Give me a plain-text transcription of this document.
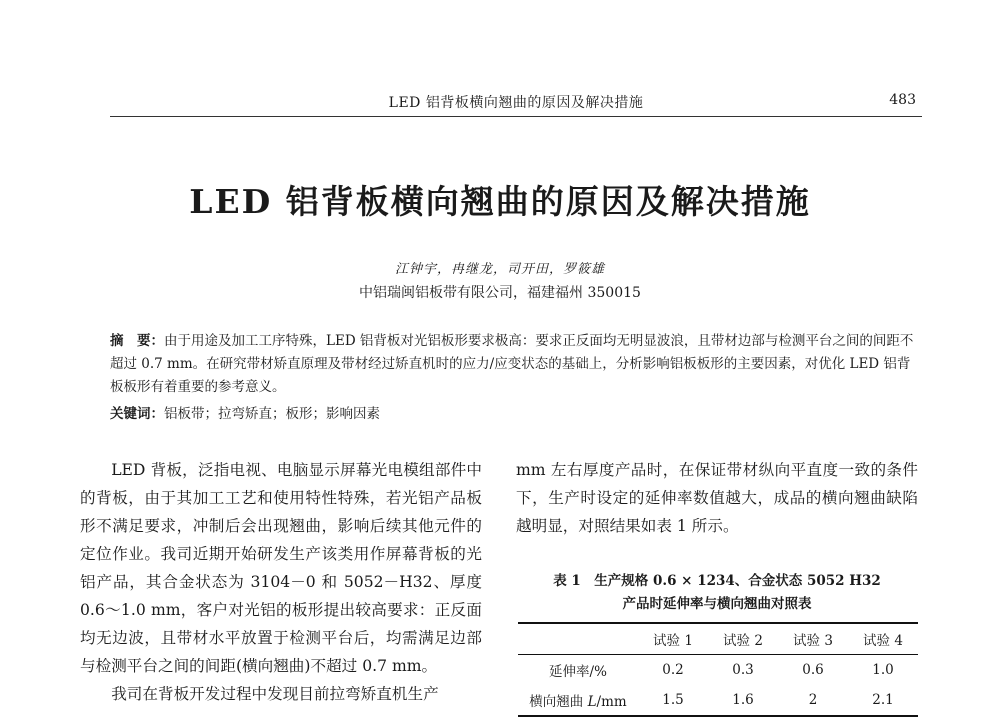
LED 铝背板横向翘曲的原因及解决措施	483
LED 铝背板横向翘曲的原因及解决措施
江钟宇，冉继龙，司开田，罗筱雄
中铝瑞闽铝板带有限公司，福建福州 350015
摘　要：由于用途及加工工序特殊，LED 铝背板对光铝板形要求极高：要求正反面均无明显波浪，且带材边部与检测平台之间的间距不超过 0.7 mm。在研究带材矫直原理及带材经过矫直机时的应力/应变状态的基础上，分析影响铝板板形的主要因素，对优化 LED 铝背板板形有着重要的参考意义。
关键词：铝板带；拉弯矫直；板形；影响因素

LED 背板，泛指电视、电脑显示屏幕光电模组部件中的背板，由于其加工工艺和使用特性特殊，若光铝产品板形不满足要求，冲制后会出现翘曲，影响后续其他元件的定位作业。我司近期开始研发生产该类用作屏幕背板的光铝产品，其合金状态为 3104－0 和 5052－H32、厚度 0.6～1.0 mm，客户对光铝的板形提出较高要求：正反面均无边波，且带材水平放置于检测平台后，均需满足边部与检测平台之间的间距(横向翘曲)不超过 0.7 mm。

我司在背板开发过程中发现目前拉弯矫直机生产

mm 左右厚度产品时，在保证带材纵向平直度一致的条件下，生产时设定的延伸率数值越大，成品的横向翘曲缺陷越明显，对照结果如表 1 所示。

表 1　生产规格 0.6 × 1234、合金状态 5052 H32
产品时延伸率与横向翘曲对照表
	试验 1	试验 2	试验 3	试验 4
延伸率/%	0.2	0.3	0.6	1.0
横向翘曲 L/mm	1.5	1.6	2	2.1
